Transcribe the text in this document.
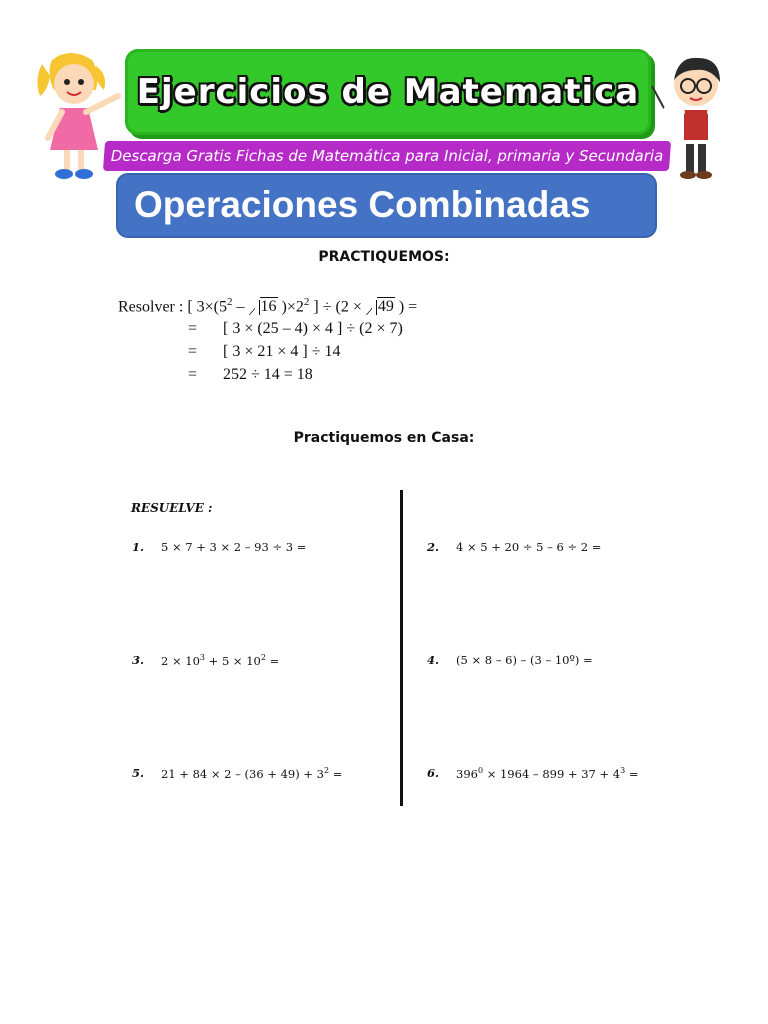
Ejercicios de Matematica
Descarga Gratis Fichas de Matemática para Inicial, primaria y Secundaria
Operaciones Combinadas
PRACTIQUEMOS:
Resolver : [ $3\times(5^2 - 16$ )$\times 2^2$ ] ÷ (2 × 49 ) =
= [ 3 × (25 – 4) × 4 ] ÷ (2 × 7)
= [ 3 × 21 × 4 ] ÷ 14
= 252 ÷ 14 = 18
Practiquemos en Casa:
RESUELVE :
1. 5 × 7 + 3 × 2 – 93 ÷ 3 =	2. 4 × 5 + 20 ÷ 5 – 6 ÷ 2 =
3. $2 \times 10^3 + 5 \times 10^2$ =	4. (5 × 8 – 6) – (3 – 10º) =
5. $21 + 84 \times 2 - (36 + 49) + 3^2$ =	6. $396^0 \times 1964 - 899 + 37 + 4^3$ =
